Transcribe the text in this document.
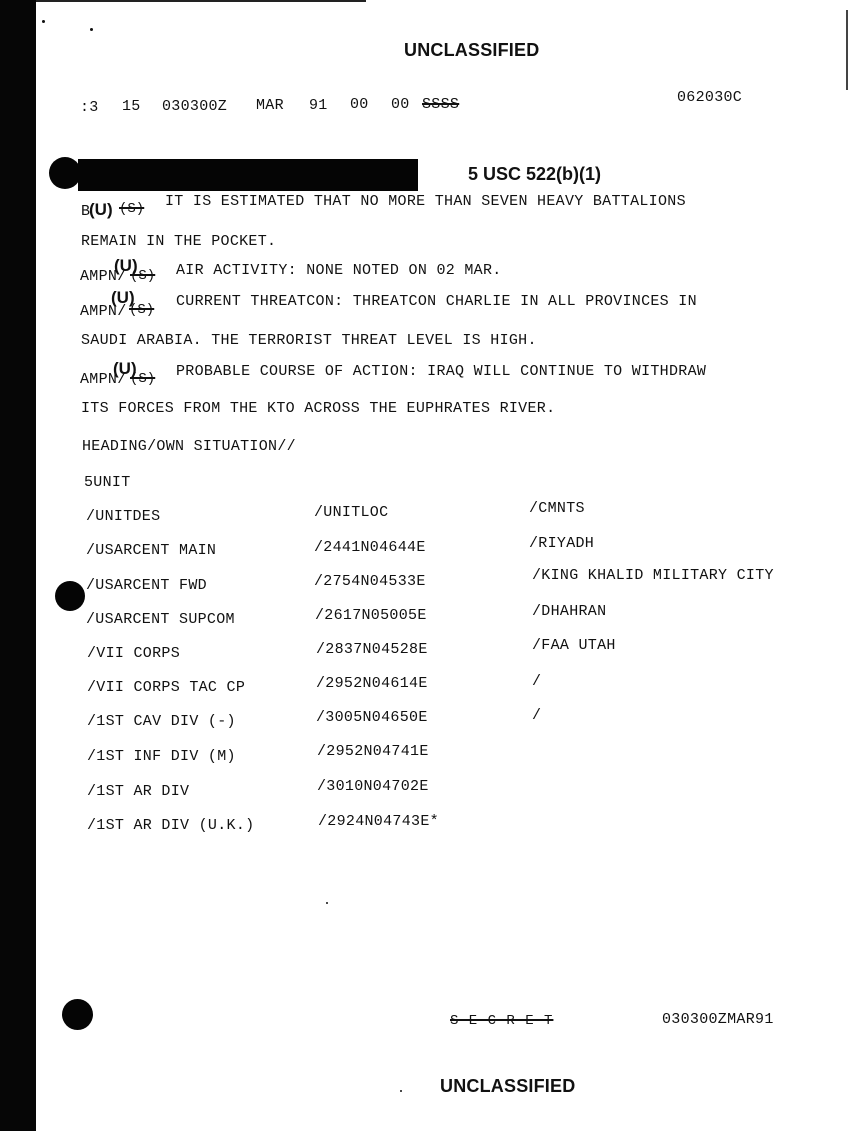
UNCLASSIFIED
:3 15 030300Z MAR 91 00 00 SSSS	062030C
5 USC 522(b)(1)
B
(U) (S) IT IS ESTIMATED THAT NO MORE THAN SEVEN HEAVY BATTALIONS
REMAIN IN THE POCKET.
AMPN/
(U)
(S) AIR ACTIVITY: NONE NOTED ON 02 MAR.
AMPN/
(U)
(S) CURRENT THREATCON: THREATCON CHARLIE IN ALL PROVINCES IN
SAUDI ARABIA. THE TERRORIST THREAT LEVEL IS HIGH.
AMPN/
(U)
(S) PROBABLE COURSE OF ACTION: IRAQ WILL CONTINUE TO WITHDRAW
ITS FORCES FROM THE KTO ACROSS THE EUPHRATES RIVER.
HEADING/OWN SITUATION//
5UNIT
/UNITDES	/UNITLOC	/CMNTS
/USARCENT MAIN	/2441N04644E	/RIYADH
/USARCENT FWD	/2754N04533E	/KING KHALID MILITARY CITY
/USARCENT SUPCOM	/2617N05005E	/DHAHRAN
/VII CORPS	/2837N04528E	/FAA UTAH
/VII CORPS TAC CP	/2952N04614E	/
/1ST CAV DIV (-)	/3005N04650E	/
/1ST INF DIV (M)	/2952N04741E
/1ST AR DIV	/3010N04702E
/1ST AR DIV (U.K.)	/2924N04743E*
S E C R E T	030300ZMAR91
UNCLASSIFIED
